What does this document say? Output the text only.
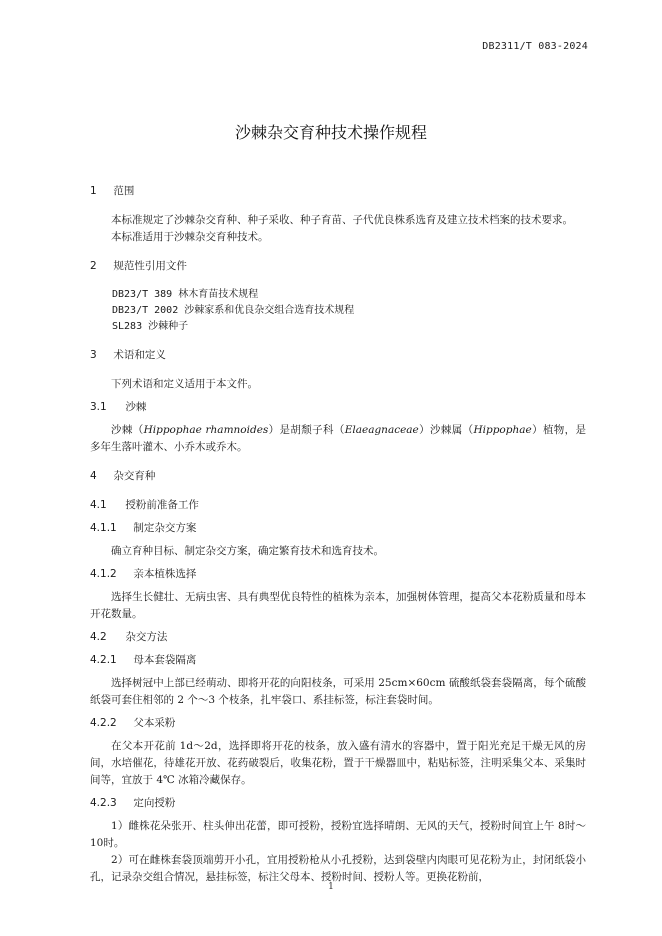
DB2311/T 083-2024
沙棘杂交育种技术操作规程
1 范围

本标准规定了沙棘杂交育种、种子采收、种子育苗、子代优良株系选育及建立技术档案的技术要求。

本标准适用于沙棘杂交育种技术。

2 规范性引用文件
DB23/T 389 林木育苗技术规程
DB23/T 2002 沙棘家系和优良杂交组合选育技术规程
SL283 沙棘种子
3 术语和定义

下列术语和定义适用于本文件。

3.1 沙棘

沙棘（Hippophae rhamnoides）是胡颓子科（Elaeagnaceae）沙棘属（Hippophae）植物，是多年生落叶灌木、小乔木或乔木。

4 杂交育种
4.1 授粉前准备工作
4.1.1 制定杂交方案

确立育种目标、制定杂交方案，确定繁育技术和选育技术。

4.1.2 亲本植株选择

选择生长健壮、无病虫害、具有典型优良特性的植株为亲本，加强树体管理，提高父本花粉质量和母本开花数量。

4.2 杂交方法
4.2.1 母本套袋隔离

选择树冠中上部已经萌动、即将开花的向阳枝条，可采用 25cm×60cm 硫酸纸袋套袋隔离，每个硫酸纸袋可套住相邻的 2 个～3 个枝条，扎牢袋口、系挂标签，标注套袋时间。

4.2.2 父本采粉

在父本开花前 1d～2d，选择即将开花的枝条，放入盛有清水的容器中，置于阳光充足干燥无风的房间，水培催花，待雄花开放、花药破裂后，收集花粉，置于干燥器皿中，粘贴标签，注明采集父本、采集时间等，宜放于 4℃ 冰箱冷藏保存。

4.2.3 定向授粉

1）雌株花朵张开、柱头伸出花蕾，即可授粉，授粉宜选择晴朗、无风的天气，授粉时间宜上午 8时～10时。

2）可在雌株套袋顶端剪开小孔，宜用授粉枪从小孔授粉，达到袋壁内肉眼可见花粉为止，封闭纸袋小孔，记录杂交组合情况，悬挂标签，标注父母本、授粉时间、授粉人等。更换花粉前，

1
